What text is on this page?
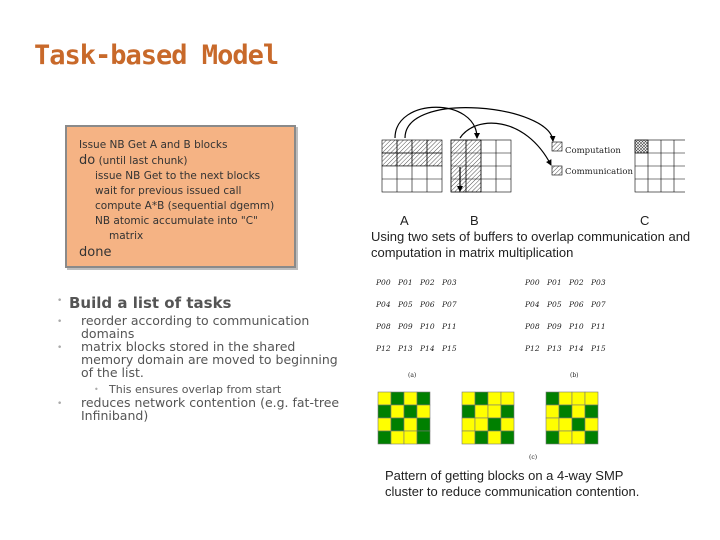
Task-based Model
Issue NB Get A and B blocks
do (until last chunk)
issue NB Get to the next blocks
wait for previous issued call
compute A*B (sequential dgemm)
NB atomic accumulate into "C"
matrix
done
• Build a list of tasks
• reorder according to communication domains
• matrix blocks stored in the shared memory domain are moved to beginning of the list.
• This ensures overlap from start
• reduces network contention (e.g. fat-tree Infiniband)
Computation
Communication
A	B	C
Using two sets of buffers to overlap communication and computation in matrix multiplication
P00 P01 P02 P03
P04 P05 P06 P07
P08 P09 P10 P11
P12 P13 P14 P15
P00 P01 P02 P03
P04 P05 P06 P07
P08 P09 P10 P11
P12 P13 P14 P15
(a)	(b)
(c)
Pattern of getting blocks on a 4-way SMP cluster to reduce communication contention.
